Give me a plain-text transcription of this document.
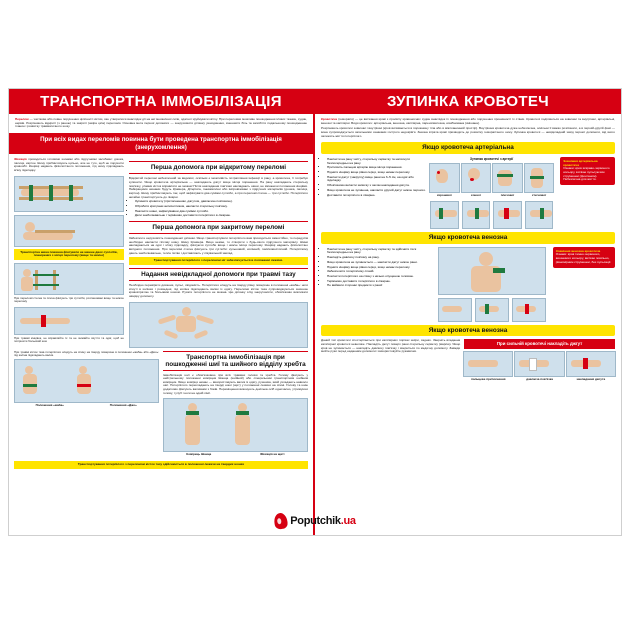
ТРАНСПОРТНА ІММОБІЛІЗАЦІЯ
Перелом — часткове або повне порушення цілісності кістки, яке утворилося внаслідок дії на неї механічної сили, здатної зруйнувати кістку. При переломах можливе пошкодження м'яких тканин, судин, нервів. Розрізняють відкриті (з раною) та закриті (шкіра ціла) переломи. Основна мета першої допомоги — знерухомити ділянку ушкодження, зменшити біль та запобігти подальшому пошкодженню тканин і розвитку травматичного шоку.
При всіх видах переломів повинна бути проведена транспортна іммобілізація (знерухомлення)
Фіксація проводиться готовими шинами або підручними засобами: дошка, палиця, картон. Шину прибинтовують щільно, але не туго, щоб не порушити кровообіг. Кінцівці надають фізіологічного положення, під шину підкладають м'яку підкладку.
Транспортна шина повинна фіксувати не менше двох суглобів, поширених з місця перелому (вище та нижче)
При переломі стегна та плеча фіксують три суглоби, розташовані вище та нижче перелому
При травмі кінцівок, не вправляйте їх та не знімайте взуття та одяг, щоб не погіршити больовий шок
Перша допомога при відкритому переломі
Відкритий перелом небезпечний за видимої, оскільки є можливість потрапляння інфекції в рану, а кровотеча, її потребує зупинити. Якщо кровотеча артеріальна — накладають джгут вище місця поранення. На рану накладають стерильну пов'язку, уламки кісток вправляти не можна! Після накладання пов'язки накладають шини, не змінюючи положення кінцівки. Найкращими шинами будуть Крамера, Дітеріхса, пневматичні або імпровізовані з підручних матеріалів (дошка, палиця, картон). Шину прибинтовують так, щоб зафіксувати два суміжні суглоби, а при переломі стегна — три суглоби. Потерпілого негайно транспортують до лікарні.
• Зупинити кровотечу (притисненням, джгутом, давлючою пов'язкою).
• Обробити краї рани антисептиком, накласти стерильну пов'язку.
• Накласти шини, зафіксувавши два суміжні суглоби.
• Дати знеболювальне і терміново доставити потерпілого в лікарню.
Перша допомога при закритому переломі
Забезпечте нерухомість пошкодженої ділянки. Якщо транспортувати потерпілого вам приходиться самостійно, то передусім необхідно накласти гіпсову шину. Шину Крамера. Якщо немає, то створити з будь-якого підручного матеріалу. Шини накладаються на одяг і м'яку підкладку, фіксуючи суглоби вище і нижче місця перелому. Кінцівці надають фізіологічно вигідного положення. При переломі стегна фіксують три суглоби: кульшовий, колінний, гомілковостопний. Потерпілому дають знеболювальне, тепле питво і доставляють у лікувальний заклад.
Транспортування потерпілого з переломом ніг забезпечується в положенні лежачи.
Надання невідкладної допомоги при травмі тазу
Необхідно перевірити дихання, пульс, свідомість. Потерпілого кладуть на тверду рівну поверхню в положенні «жаба»: ноги зігнуті в колінах і розведені, під коліна підкладають валик із одягу. Переломи кісток таза супроводжуються значною крововтратою та больовим шоком. Рухати потерпілого не можна. Цю ділянку слід знерухомити, обов'язково викликати швидку допомогу.
При травмі кісток таза потерпілого кладуть на спину на тверду поверхню в положенні «жаба» або «Джо»: під коліна підкладають валик.
Положення «жаба»	Положення «Джо»
Транспортна іммобілізація при пошкодженні шиї та шийного відділу хребта
Іммобілізація шиї є обов'язковою при всіх травмах голови та хребта. Голову фіксують у нейтральному положенні комірцем Шанца (шийний) або спеціальним транспортним шийним комірцем. Якщо комірця немає — використовують валик із одягу, рушника, який укладають навколо шиї. Потерпілого перекладають на тверді ноші (щит) у положенні лежачи на спині. Голову та шию додатково фіксують валиками з боків. Переміщення виконують декілька осіб одночасно, утримуючи голову, тулуб і ноги на одній лінії.
Комірець Шанца	Фіксація на щиті
Транспортування потерпілого з переломом кісток тазу здійснюється в положенні лежачи на твердих ношах
ЗУПИНКА КРОВОТЕЧ
Кровотеча (геморагія) — це витікання крові з просвіту кровоносних судин внаслідок їх пошкодження або порушення проникності їх стінки. Кровотечі поділяються на зовнішні та внутрішні, артеріальні, венозні та капілярні. Види кровотеч: артеріальна, венозна, капілярна, паренхіматозна, комбінована (змішана).
Розрізняють кровотечі зовнішні і внутрішні (кров виливається в порожнину тіла або в міжтканинний простір). Внутрішня кровотеча дуже небезпечна, оскільки її важко розпізнати, а в першій-другій фазі — вона супроводжується загальними ознаками гострого недокрів'я. Значна втрата крові призводить до розвитку геморагічного шоку. Зупинка кровотечі — невідкладний захід першої допомоги, від якого залежить життя потерпілого.
Якщо кровотеча артеріальна
• Накласти на рану чисту, стерильну серветку та натиснути безпосередньо на рану.
• Притисніть пальцем артерію вище місця поранення.
• Підняти кінцівку вище рівня серця, якщо немає перелому.
• Накласти джгут (закрутку) вище рани на 3–5 см, на одяг або підкладку.
• Обов'язково вкласти записку з часом накладання джгута.
• Якщо кровотеча не зупинена, накласти другий джгут нижче першого.
• Доставити потерпілого в лікарню.
Зупинка кровотечі з артерії
скроневої	сонної	плечової	стегнової
Зовнішня артеріальна кровотеча
Ознаки: кров яскраво-червоного кольору, витікає пульсуючим струменем (фонтаном). Небезпечна для життя.
Якщо кровотеча венозна
• Накласти на рану чисту, стерильну серветку та здійснити тиск безпосередньо на рану.
• Накладіть давлючу пов'язку на рану.
• Якщо кровотеча не зупиняється — накласти джгут нижче рани.
• Підняти кінцівку вище рівня серця, якщо немає перелому.
• Забезпечити потерпілому спокій.
• Покласти потерпілого на спину з низько опущеною головою.
• Терміново доставити потерпілого в лікарню.
• Не виймати сторонні предмети з рани!
Зовнішня венозна кровотеча
Ознаки: кров темно-червоного, вишневого кольору, витікає повільно, рівномірним струменем, без пульсації.
Якщо кровотеча венозна
Даний тип кровотечі спостерігається при капілярних порізах шкіри, саднах. Зверніть впадання капілярної кровотечі невелике. Накладіть джгут поверх рани стерильну серветку (марлю). Якщо кров не зупиняється — накладіть давлючу пов'язку і зверніться по медичну допомогу. Завжди мийте руки перед наданням допомоги і використовуйте рукавички.
При сильній кровотечі накладіть джгут
пальцеве притиснення	давлюча пов'язка	накладання джгута
Poputchik.ua
